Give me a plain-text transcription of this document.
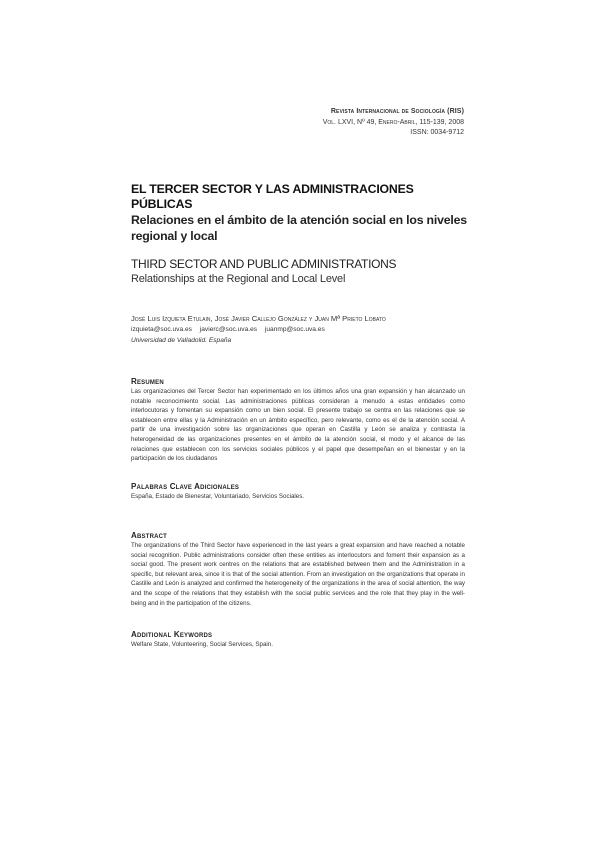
Revista Internacional de Sociología (RIS)
Vol. LXVI, Nº 49, Enero-Abril, 115-139, 2008
ISSN: 0034-9712
EL TERCER SECTOR Y LAS ADMINISTRACIONES PÚBLICAS
Relaciones en el ámbito de la atención social en los niveles regional y local
THIRD SECTOR AND PUBLIC ADMINISTRATIONS
Relationships at the Regional and Local Level
José Luis Izquieta Etulain, José Javier Callejo González y Juan Mª Prieto Lobato
izquieta@soc.uva.es javierc@soc.uva.es juanmp@soc.uva.es
Universidad de Valladolid. España
Resumen

Las organizaciones del Tercer Sector han experimentado en los últimos años una gran expansión y han alcanzado un notable reconocimiento social. Las administraciones públicas consideran a menudo a estas entidades como interlocutoras y fomentan su expansión como un bien social. El presente trabajo se centra en las relaciones que se establecen entre ellas y la Administración en un ámbito específico, pero relevante, como es el de la atención social. A partir de una investigación sobre las organizaciones que operan en Castilla y León se analiza y contrasta la heterogeneidad de las organizaciones presentes en el ámbito de la atención social, el modo y el alcance de las relaciones que establecen con los servicios sociales públicos y el papel que desempeñan en el bienestar y en la participación de los ciudadanos

Palabras Clave Adicionales

España, Estado de Bienestar, Voluntariado, Servicios Sociales.

Abstract

The organizations of the Third Sector have experienced in the last years a great expansion and have reached a notable social recognition. Public administrations consider often these entities as interlocutors and foment their expansion as a social good. The present work centres on the relations that are established between them and the Administration in a specific, but relevant area, since it is that of the social attention. From an investigation on the organizations that operate in Castille and León is analyzed and confirmed the heterogeneity of the organizations in the area of social attention, the way and the scope of the relations that they establish with the social public services and the role that they play in the well-being and in the participation of the citizens.

Additional Keywords

Welfare State, Volunteering, Social Services, Spain.
